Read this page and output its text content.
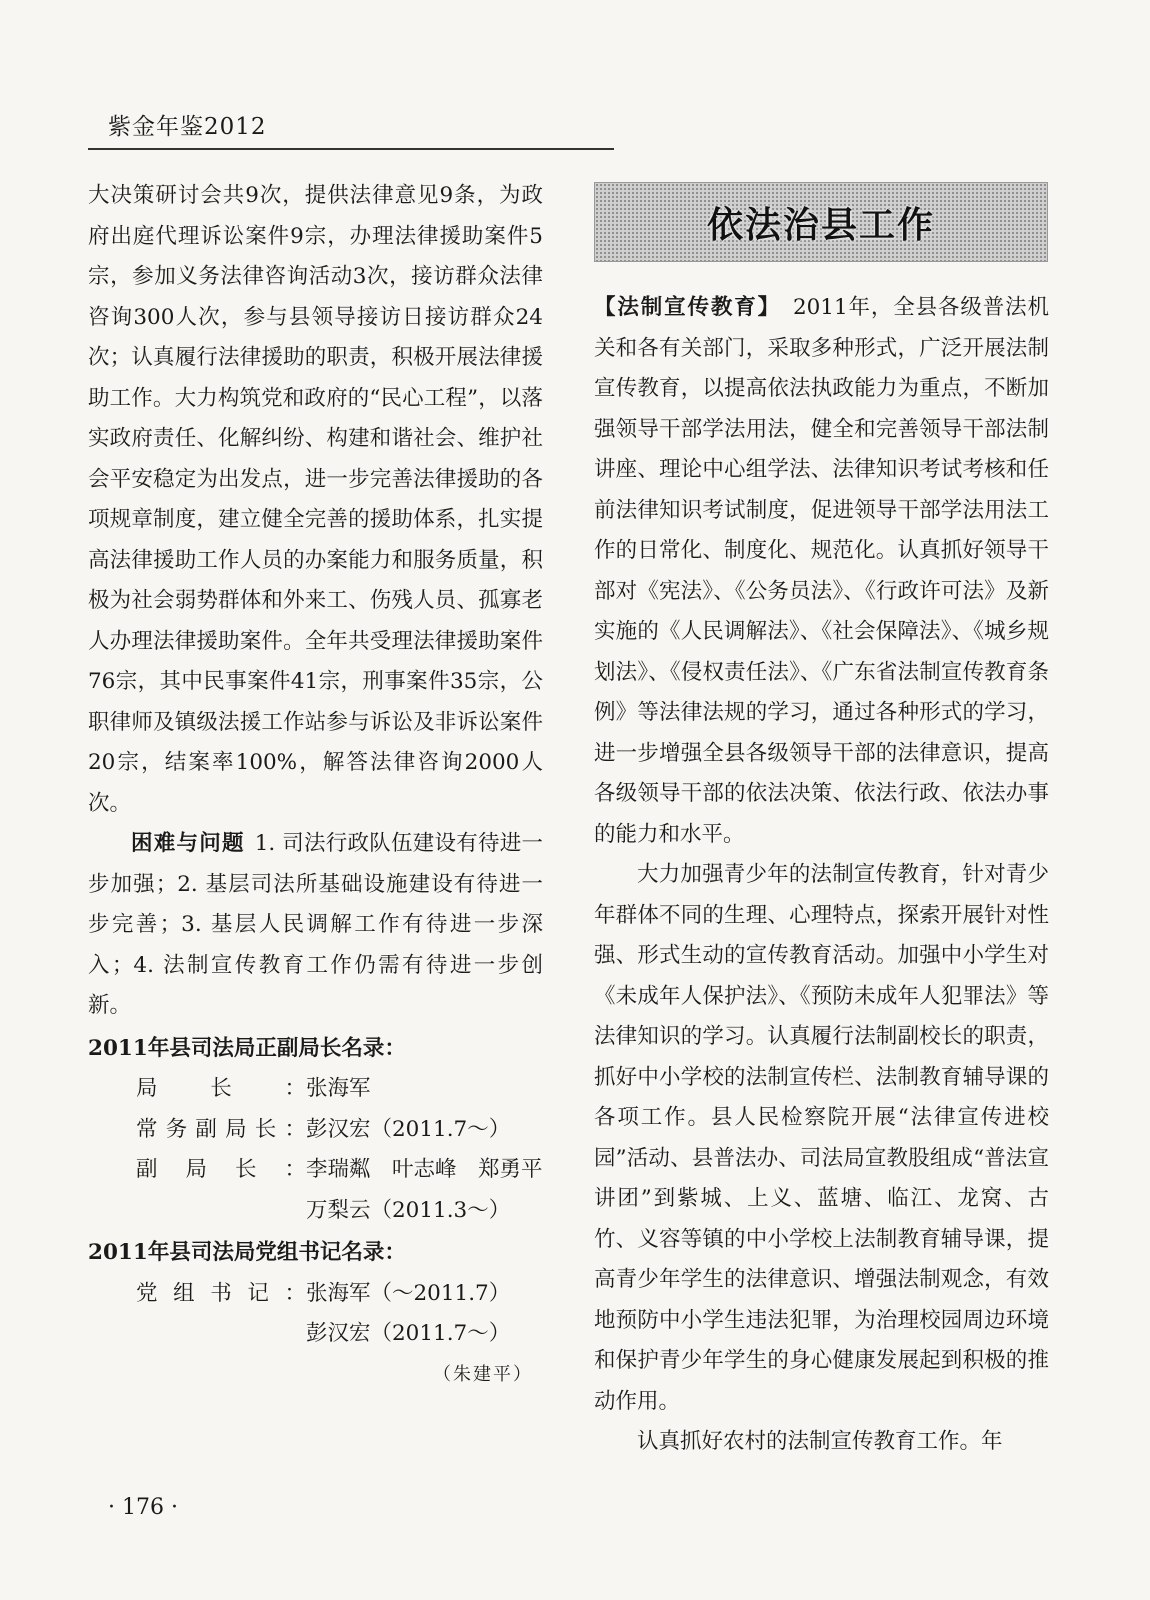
紫金年鉴2012

大决策研讨会共9次，提供法律意见9条，为政府出庭代理诉讼案件9宗，办理法律援助案件5宗，参加义务法律咨询活动3次，接访群众法律咨询300人次，参与县领导接访日接访群众24次；认真履行法律援助的职责，积极开展法律援助工作。大力构筑党和政府的“民心工程”，以落实政府责任、化解纠纷、构建和谐社会、维护社会平安稳定为出发点，进一步完善法律援助的各项规章制度，建立健全完善的援助体系，扎实提高法律援助工作人员的办案能力和服务质量，积极为社会弱势群体和外来工、伤残人员、孤寡老人办理法律援助案件。全年共受理法律援助案件76宗，其中民事案件41宗，刑事案件35宗，公职律师及镇级法援工作站参与诉讼及非诉讼案件20宗，结案率100%，解答法律咨询2000人次。

困难与问题 1. 司法行政队伍建设有待进一步加强；2. 基层司法所基础设施建设有待进一步完善；3. 基层人民调解工作有待进一步深入；4. 法制宣传教育工作仍需有待进一步创新。

2011年县司法局正副局长名录：

局长： 张海军
常务副局长： 彭汉宏（2011.7～）
副局长： 李瑞粼　叶志峰　郑勇平
万梨云（2011.3～）

2011年县司法局党组书记名录：

党组书记： 张海军（～2011.7）
彭汉宏（2011.7～）

（朱建平）

依法治县工作

【法制宣传教育】 2011年，全县各级普法机关和各有关部门，采取多种形式，广泛开展法制宣传教育，以提高依法执政能力为重点，不断加强领导干部学法用法，健全和完善领导干部法制讲座、理论中心组学法、法律知识考试考核和任前法律知识考试制度，促进领导干部学法用法工作的日常化、制度化、规范化。认真抓好领导干部对《宪法》、《公务员法》、《行政许可法》及新实施的《人民调解法》、《社会保障法》、《城乡规划法》、《侵权责任法》、《广东省法制宣传教育条例》等法律法规的学习，通过各种形式的学习，进一步增强全县各级领导干部的法律意识，提高各级领导干部的依法决策、依法行政、依法办事的能力和水平。

大力加强青少年的法制宣传教育，针对青少年群体不同的生理、心理特点，探索开展针对性强、形式生动的宣传教育活动。加强中小学生对《未成年人保护法》、《预防未成年人犯罪法》等法律知识的学习。认真履行法制副校长的职责，抓好中小学校的法制宣传栏、法制教育辅导课的各项工作。县人民检察院开展“法律宣传进校园”活动、县普法办、司法局宣教股组成“普法宣讲团”到紫城、上义、蓝塘、临江、龙窝、古竹、义容等镇的中小学校上法制教育辅导课，提高青少年学生的法律意识、增强法制观念，有效地预防中小学生违法犯罪，为治理校园周边环境和保护青少年学生的身心健康发展起到积极的推动作用。

认真抓好农村的法制宣传教育工作。年

· 176 ·
